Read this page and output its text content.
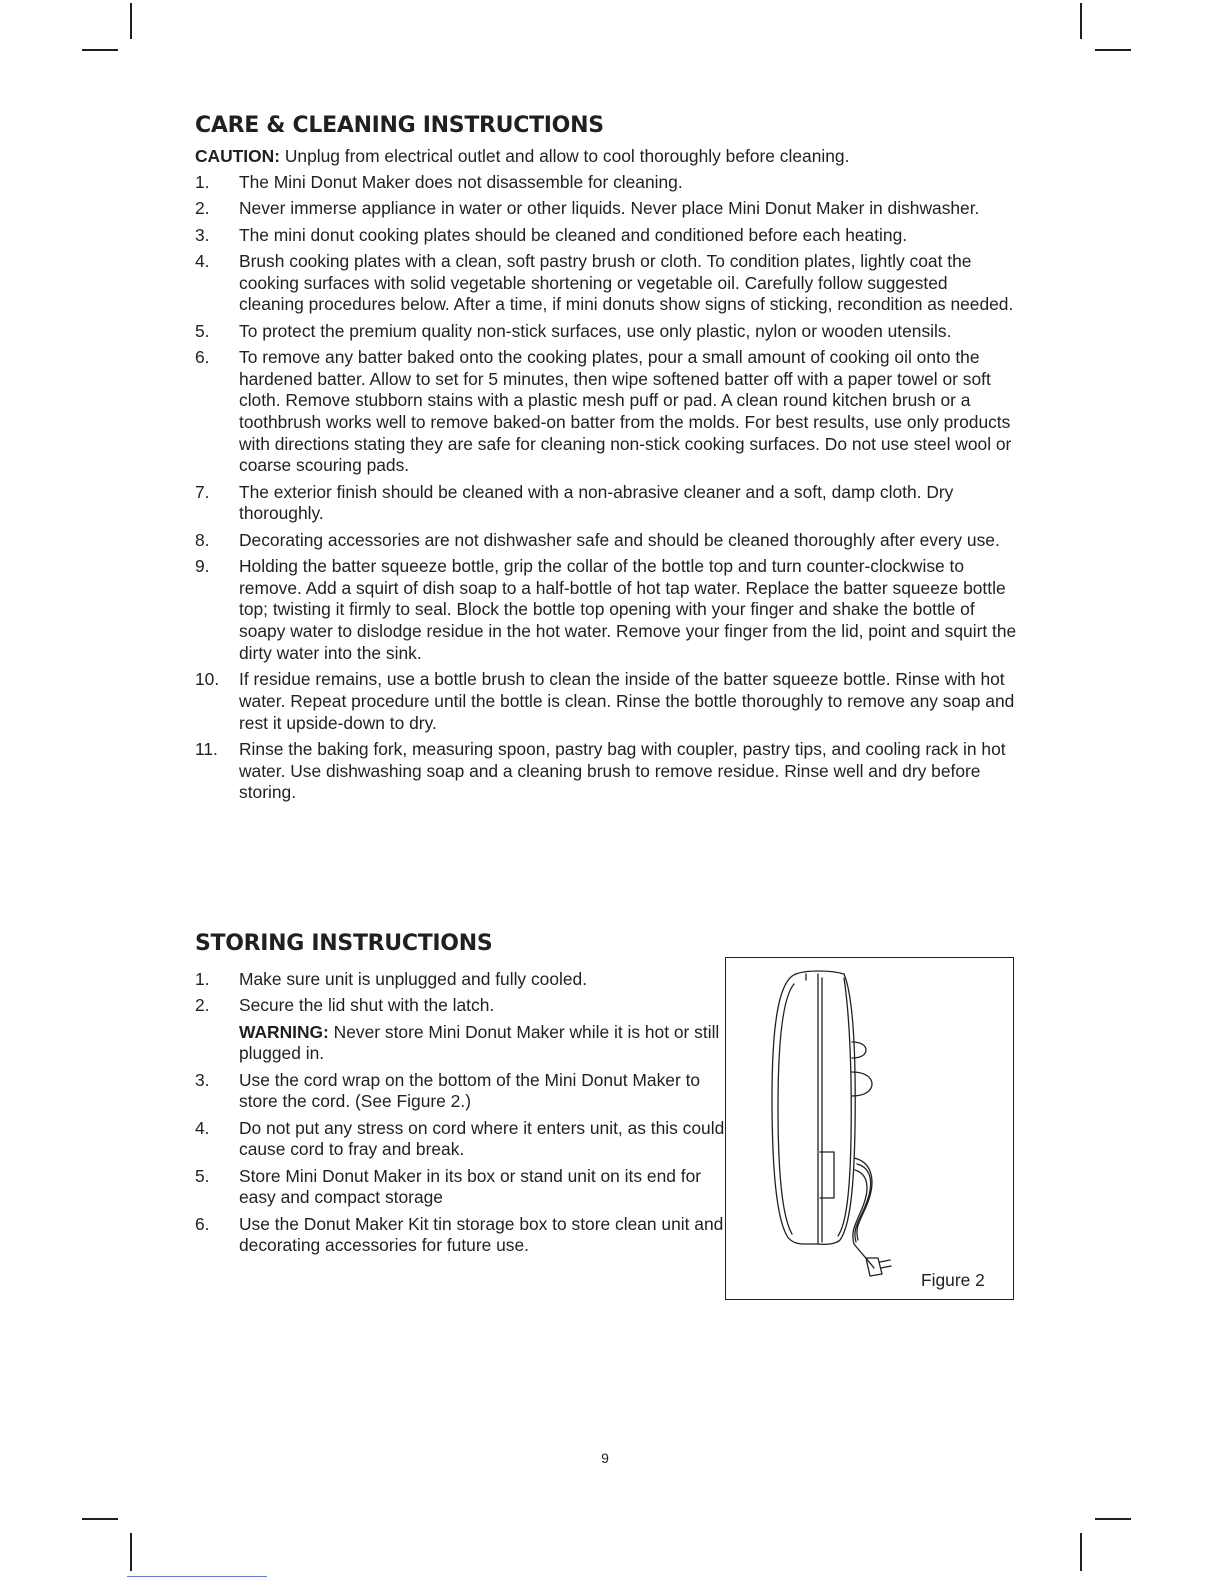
CARE & CLEANING INSTRUCTIONS
CAUTION: Unplug from electrical outlet and allow to cool thoroughly before cleaning.
1. The Mini Donut Maker does not disassemble for cleaning.
2. Never immerse appliance in water or other liquids. Never place Mini Donut Maker in dishwasher.
3. The mini donut cooking plates should be cleaned and conditioned before each heating.
4. Brush cooking plates with a clean, soft pastry brush or cloth. To condition plates, lightly coat the cooking surfaces with solid vegetable shortening or vegetable oil. Carefully follow suggested cleaning procedures below. After a time, if mini donuts show signs of sticking, recondition as needed.
5. To protect the premium quality non-stick surfaces, use only plastic, nylon or wooden utensils.
6. To remove any batter baked onto the cooking plates, pour a small amount of cooking oil onto the hardened batter. Allow to set for 5 minutes, then wipe softened batter off with a paper towel or soft cloth. Remove stubborn stains with a plastic mesh puff or pad. A clean round kitchen brush or a toothbrush works well to remove baked-on batter from the molds. For best results, use only products with directions stating they are safe for cleaning non-stick cooking surfaces. Do not use steel wool or coarse scouring pads.
7. The exterior finish should be cleaned with a non-abrasive cleaner and a soft, damp cloth. Dry thoroughly.
8. Decorating accessories are not dishwasher safe and should be cleaned thoroughly after every use.
9. Holding the batter squeeze bottle, grip the collar of the bottle top and turn counter-clockwise to remove. Add a squirt of dish soap to a half-bottle of hot tap water. Replace the batter squeeze bottle top; twisting it firmly to seal. Block the bottle top opening with your finger and shake the bottle of soapy water to dislodge residue in the hot water. Remove your finger from the lid, point and squirt the dirty water into the sink.
10. If residue remains, use a bottle brush to clean the inside of the batter squeeze bottle. Rinse with hot water. Repeat procedure until the bottle is clean. Rinse the bottle thoroughly to remove any soap and rest it upside-down to dry.
11. Rinse the baking fork, measuring spoon, pastry bag with coupler, pastry tips, and cooling rack in hot water. Use dishwashing soap and a cleaning brush to remove residue. Rinse well and dry before storing.
STORING INSTRUCTIONS
1. Make sure unit is unplugged and fully cooled.
2. Secure the lid shut with the latch.
WARNING: Never store Mini Donut Maker while it is hot or still plugged in.
3. Use the cord wrap on the bottom of the Mini Donut Maker to store the cord. (See Figure 2.)
4. Do not put any stress on cord where it enters unit, as this could cause cord to fray and break.
5. Store Mini Donut Maker in its box or stand unit on its end for easy and compact storage
6. Use the Donut Maker Kit tin storage box to store clean unit and decorating accessories for future use.
Figure 2
9
